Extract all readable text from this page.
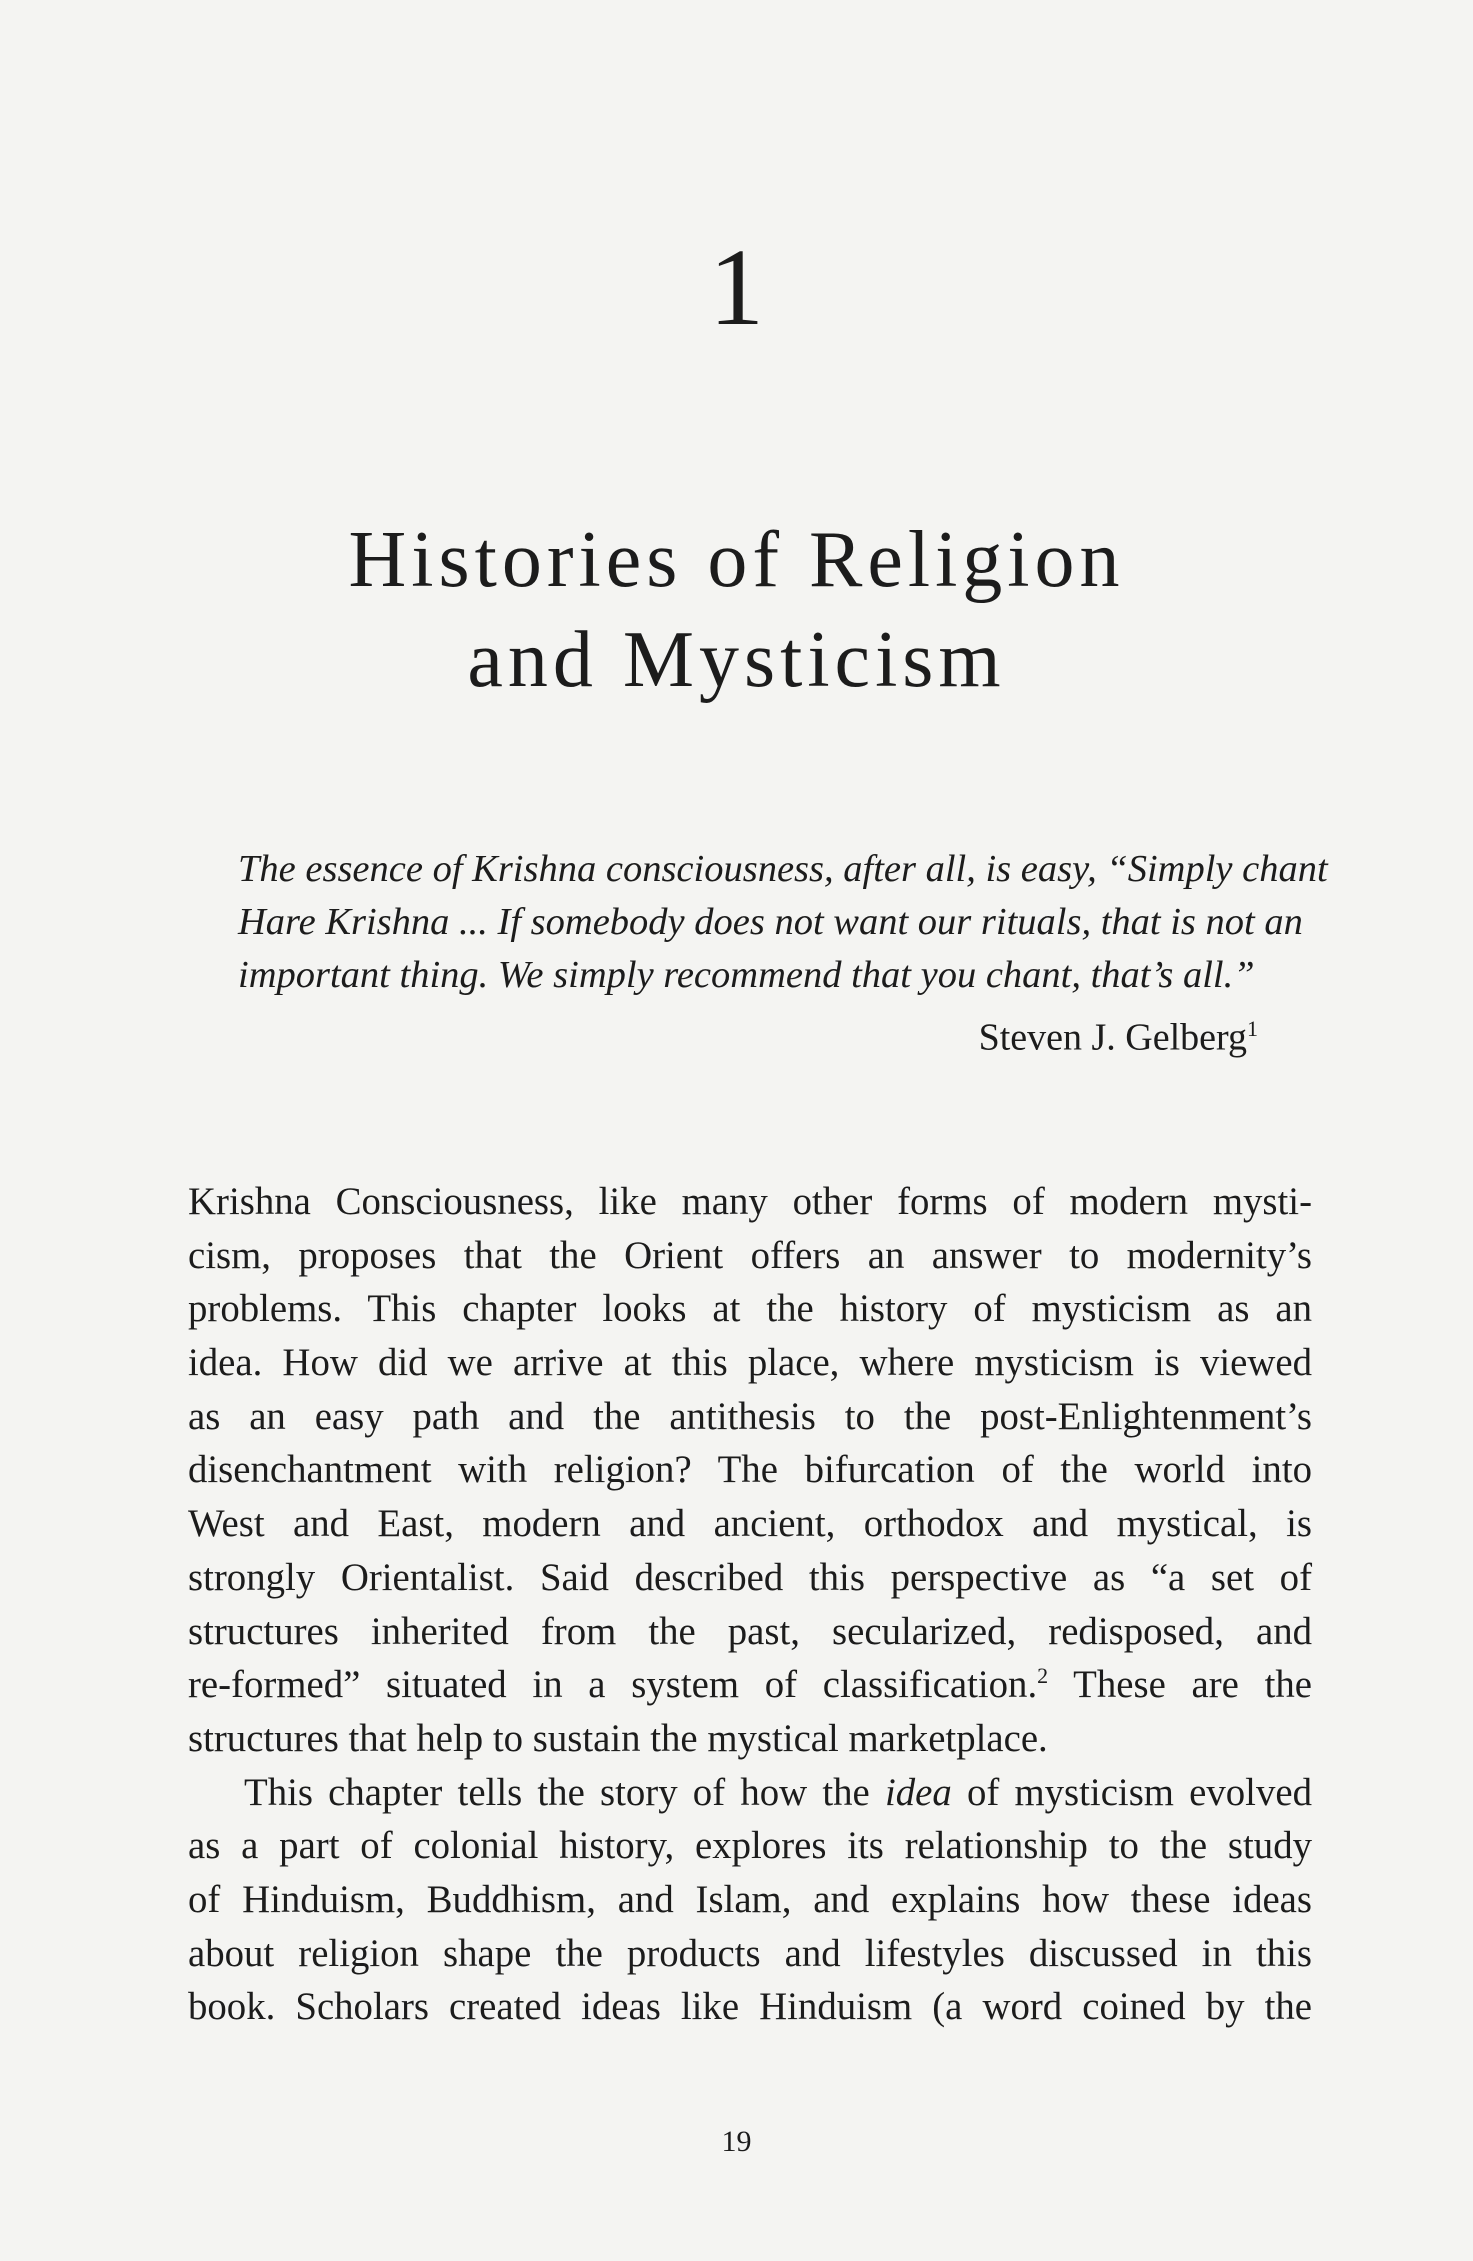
1
Histories of Religion
and Mysticism
The essence of Krishna consciousness, after all, is easy, “Simply chant
Hare Krishna ... If somebody does not want our rituals, that is not an
important thing. We simply recommend that you chant, that’s all.”
Steven J. Gelberg$^1$
Krishna Consciousness, like many other forms of modern mysti-
cism, proposes that the Orient offers an answer to modernity’s
problems. This chapter looks at the history of mysticism as an
idea. How did we arrive at this place, where mysticism is viewed
as an easy path and the antithesis to the post-Enlightenment’s
disenchantment with religion? The bifurcation of the world into
West and East, modern and ancient, orthodox and mystical, is
strongly Orientalist. Said described this perspective as “a set of
structures inherited from the past, secularized, redisposed, and
re-formed” situated in a system of classification.$^2$ These are the
structures that help to sustain the mystical marketplace.
This chapter tells the story of how the idea of mysticism evolved
as a part of colonial history, explores its relationship to the study
of Hinduism, Buddhism, and Islam, and explains how these ideas
about religion shape the products and lifestyles discussed in this
book. Scholars created ideas like Hinduism (a word coined by the
19
